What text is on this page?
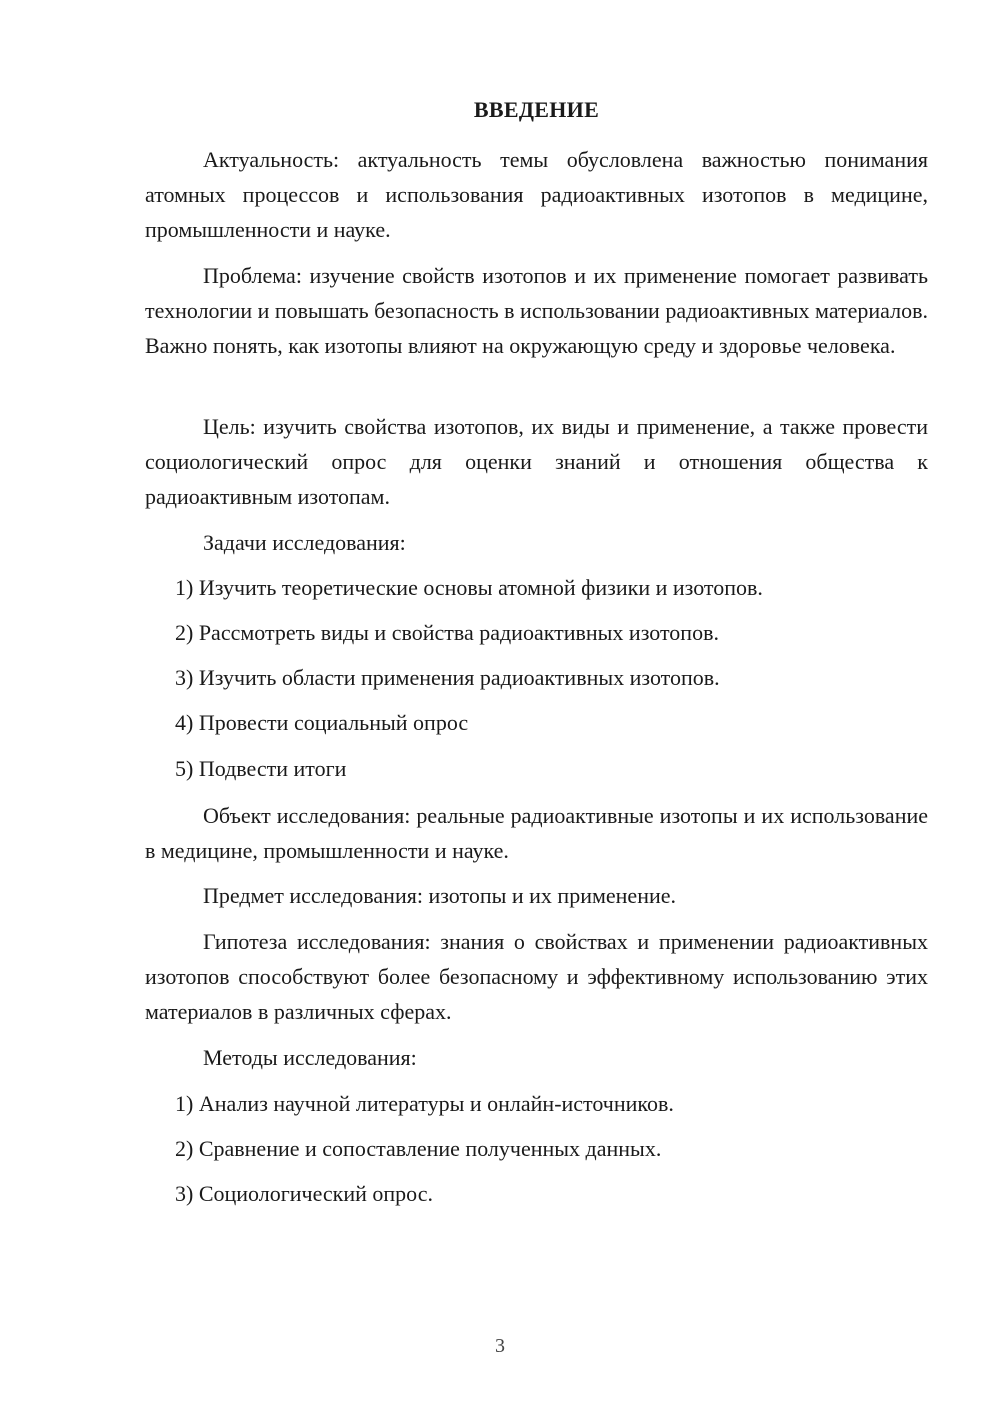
ВВЕДЕНИЕ
Актуальность: актуальность темы обусловлена важностью понимания атомных процессов и использования радиоактивных изотопов в медицине, промышленности и науке.
Проблема: изучение свойств изотопов и их применение помогает развивать технологии и повышать безопасность в использовании радиоактивных материалов. Важно понять, как изотопы влияют на окружающую среду и здоровье человека.
Цель: изучить свойства изотопов, их виды и применение, а также провести социологический опрос для оценки знаний и отношения общества к радиоактивным изотопам.
Задачи исследования:
1) Изучить теоретические основы атомной физики и изотопов.
2) Рассмотреть виды и свойства радиоактивных изотопов.
3) Изучить области применения радиоактивных изотопов.
4) Провести социальный опрос
5) Подвести итоги
Объект исследования: реальные радиоактивные изотопы и их использование в медицине, промышленности и науке.
Предмет исследования: изотопы и их применение.
Гипотеза исследования: знания о свойствах и применении радиоактивных изотопов способствуют более безопасному и эффективному использованию этих материалов в различных сферах.
Методы исследования:
1) Анализ научной литературы и онлайн-источников.
2) Сравнение и сопоставление полученных данных.
3) Социологический опрос.
3
